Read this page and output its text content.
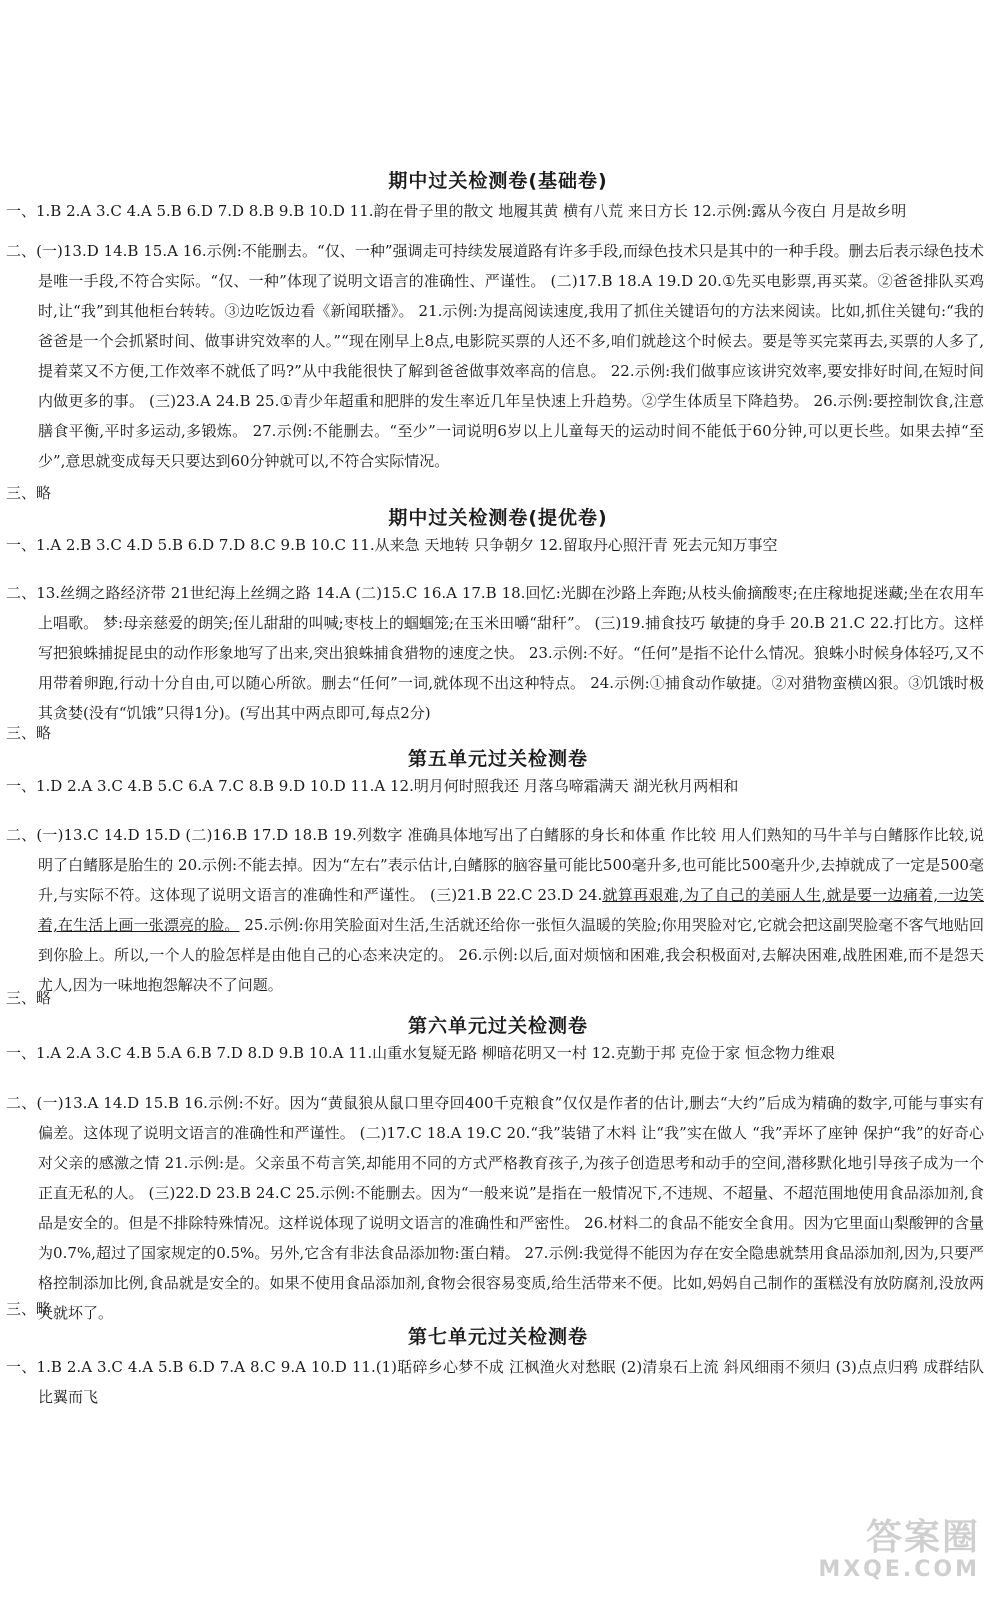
期中过关检测卷(基础卷)

一、1.B 2.A 3.C 4.A 5.B 6.D 7.D 8.B 9.B 10.D 11.韵在骨子里的散文 地履其黄 横有八荒 来日方长 12.示例:露从今夜白 月是故乡明

二、(一)13.D 14.B 15.A 16.示例:不能删去。“仅、一种”强调走可持续发展道路有许多手段,而绿色技术只是其中的一种手段。删去后表示绿色技术是唯一手段,不符合实际。“仅、一种”体现了说明文语言的准确性、严谨性。 (二)17.B 18.A 19.D 20.①先买电影票,再买菜。②爸爸排队买鸡时,让“我”到其他柜台转转。③边吃饭边看《新闻联播》。 21.示例:为提高阅读速度,我用了抓住关键语句的方法来阅读。比如,抓住关键句:“我的爸爸是一个会抓紧时间、做事讲究效率的人。”“现在刚早上8点,电影院买票的人还不多,咱们就趁这个时候去。要是等买完菜再去,买票的人多了,提着菜又不方便,工作效率不就低了吗?”从中我能很快了解到爸爸做事效率高的信息。 22.示例:我们做事应该讲究效率,要安排好时间,在短时间内做更多的事。 (三)23.A 24.B 25.①青少年超重和肥胖的发生率近几年呈快速上升趋势。②学生体质呈下降趋势。 26.示例:要控制饮食,注意膳食平衡,平时多运动,多锻炼。 27.示例:不能删去。“至少”一词说明6岁以上儿童每天的运动时间不能低于60分钟,可以更长些。如果去掉“至少”,意思就变成每天只要达到60分钟就可以,不符合实际情况。

三、略

期中过关检测卷(提优卷)

一、1.A 2.B 3.C 4.D 5.B 6.D 7.D 8.C 9.B 10.C 11.从来急 天地转 只争朝夕 12.留取丹心照汗青 死去元知万事空

二、13.丝绸之路经济带 21世纪海上丝绸之路 14.A (二)15.C 16.A 17.B 18.回忆:光脚在沙路上奔跑;从枝头偷摘酸枣;在庄稼地捉迷藏;坐在农用车上唱歌。 梦:母亲慈爱的朗笑;侄儿甜甜的叫喊;枣枝上的蝈蝈笼;在玉米田嚼“甜秆”。 (三)19.捕食技巧 敏捷的身手 20.B 21.C 22.打比方。这样写把狼蛛捕捉昆虫的动作形象地写了出来,突出狼蛛捕食猎物的速度之快。 23.示例:不好。“任何”是指不论什么情况。狼蛛小时候身体轻巧,又不用带着卵跑,行动十分自由,可以随心所欲。删去“任何”一词,就体现不出这种特点。 24.示例:①捕食动作敏捷。②对猎物蛮横凶狠。③饥饿时极其贪婪(没有“饥饿”只得1分)。(写出其中两点即可,每点2分)

三、略

第五单元过关检测卷

一、1.D 2.A 3.C 4.B 5.C 6.A 7.C 8.B 9.D 10.D 11.A 12.明月何时照我还 月落乌啼霜满天 湖光秋月两相和

二、(一)13.C 14.D 15.D (二)16.B 17.D 18.B 19.列数字 准确具体地写出了白鳍豚的身长和体重 作比较 用人们熟知的马牛羊与白鳍豚作比较,说明了白鳍豚是胎生的 20.示例:不能去掉。因为“左右”表示估计,白鳍豚的脑容量可能比500毫升多,也可能比500毫升少,去掉就成了一定是500毫升,与实际不符。这体现了说明文语言的准确性和严谨性。 (三)21.B 22.C 23.D 24.就算再艰难,为了自己的美丽人生,就是要一边痛着,一边笑着,在生活上画一张漂亮的脸。 25.示例:你用笑脸面对生活,生活就还给你一张恒久温暖的笑脸;你用哭脸对它,它就会把这副哭脸毫不客气地贴回到你脸上。所以,一个人的脸怎样是由他自己的心态来决定的。 26.示例:以后,面对烦恼和困难,我会积极面对,去解决困难,战胜困难,而不是怨天尤人,因为一味地抱怨解决不了问题。

三、略

第六单元过关检测卷

一、1.A 2.A 3.C 4.B 5.A 6.B 7.D 8.D 9.B 10.A 11.山重水复疑无路 柳暗花明又一村 12.克勤于邦 克俭于家 恒念物力维艰

二、(一)13.A 14.D 15.B 16.示例:不好。因为“黄鼠狼从鼠口里夺回400千克粮食”仅仅是作者的估计,删去“大约”后成为精确的数字,可能与事实有偏差。这体现了说明文语言的准确性和严谨性。 (二)17.C 18.A 19.C 20.“我”装错了木料 让“我”实在做人 “我”弄坏了座钟 保护“我”的好奇心 对父亲的感激之情 21.示例:是。父亲虽不苟言笑,却能用不同的方式严格教育孩子,为孩子创造思考和动手的空间,潜移默化地引导孩子成为一个正直无私的人。 (三)22.D 23.B 24.C 25.示例:不能删去。因为“一般来说”是指在一般情况下,不违规、不超量、不超范围地使用食品添加剂,食品是安全的。但是不排除特殊情况。这样说体现了说明文语言的准确性和严密性。 26.材料二的食品不能安全食用。因为它里面山梨酸钾的含量为0.7%,超过了国家规定的0.5%。另外,它含有非法食品添加物:蛋白精。 27.示例:我觉得不能因为存在安全隐患就禁用食品添加剂,因为,只要严格控制添加比例,食品就是安全的。如果不使用食品添加剂,食物会很容易变质,给生活带来不便。比如,妈妈自己制作的蛋糕没有放防腐剂,没放两天就坏了。

三、略

第七单元过关检测卷

一、1.B 2.A 3.C 4.A 5.B 6.D 7.A 8.C 9.A 10.D 11.(1)聒碎乡心梦不成 江枫渔火对愁眠 (2)清泉石上流 斜风细雨不须归 (3)点点归鸦 成群结队 比翼而飞

答案圈
MXQE.COM
